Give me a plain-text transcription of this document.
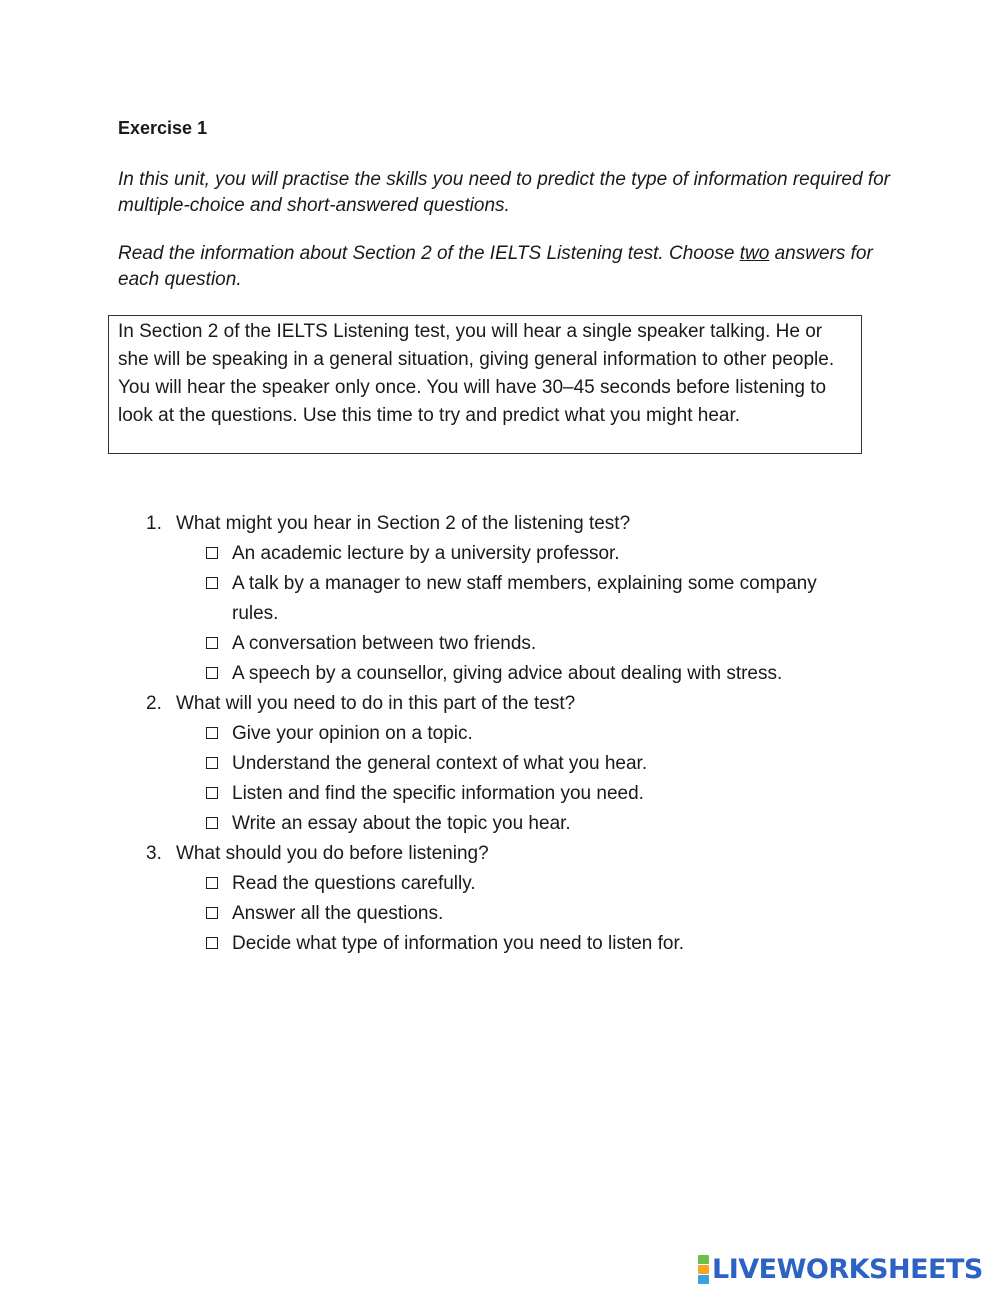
Exercise 1
In this unit, you will practise the skills you need to predict the type of information required for multiple-choice and short-answered questions.
Read the information about Section 2 of the IELTS Listening test. Choose two answers for each question.
In Section 2 of the IELTS Listening test, you will hear a single speaker talking. He or she will be speaking in a general situation, giving general information to other people. You will hear the speaker only once. You will have 30–45 seconds before listening to look at the questions. Use this time to try and predict what you might hear.
1. What might you hear in Section 2 of the listening test?
An academic lecture by a university professor.
A talk by a manager to new staff members, explaining some company rules.
A conversation between two friends.
A speech by a counsellor, giving advice about dealing with stress.
2. What will you need to do in this part of the test?
Give your opinion on a topic.
Understand the general context of what you hear.
Listen and find the specific information you need.
Write an essay about the topic you hear.
3. What should you do before listening?
Read the questions carefully.
Answer all the questions.
Decide what type of information you need to listen for.
LIVEWORKSHEETS
